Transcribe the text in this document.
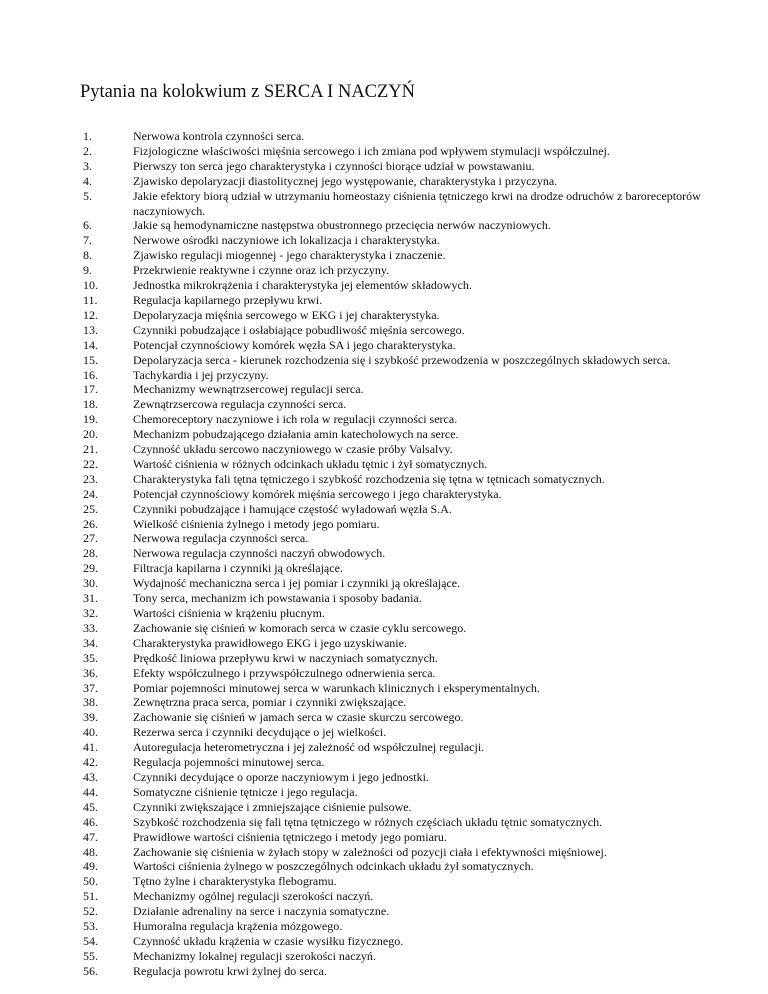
Pytania na kolokwium z SERCA I NACZYŃ
1.	Nerwowa kontrola czynności serca.
2.	Fizjologiczne właściwości mięśnia sercowego i ich zmiana pod wpływem stymulacji współczulnej.
3.	Pierwszy ton serca jego charakterystyka i czynności biorące udział w powstawaniu.
4.	Zjawisko depolaryzacji diastolitycznej jego występowanie, charakterystyka i przyczyna.
5.	Jakie efektory biorą udział w utrzymaniu homeostazy ciśnienia tętniczego krwi na drodze odruchów z baroreceptorów naczyniowych.
6.	Jakie są hemodynamiczne następstwa obustronnego przecięcia nerwów naczyniowych.
7.	Nerwowe ośrodki naczyniowe ich lokalizacja i charakterystyka.
8.	Zjawisko regulacji miogennej - jego charakterystyka i znaczenie.
9.	Przekrwienie reaktywne i czynne oraz ich przyczyny.
10.	Jednostka mikrokrążenia i charakterystyka jej elementów składowych.
11.	Regulacja kapilarnego przepływu krwi.
12.	Depolaryzacja mięśnia sercowego w EKG i jej charakterystyka.
13.	Czynniki pobudzające i osłabiające pobudliwość mięśnia sercowego.
14.	Potencjał czynnościowy komórek węzła SA i jego charakterystyka.
15.	Depolaryzacja serca - kierunek rozchodzenia się i szybkość przewodzenia w poszczególnych składowych serca.
16.	Tachykardia i jej przyczyny.
17.	Mechanizmy wewnątrzsercowej regulacji serca.
18.	Zewnątrzsercowa regulacja czynności serca.
19.	Chemoreceptory naczyniowe i ich rola w regulacji czynności serca.
20.	Mechanizm pobudzającego działania amin katecholowych na serce.
21.	Czynność układu sercowo naczyniowego w czasie próby Valsalvy.
22.	Wartość ciśnienia w różnych odcinkach układu tętnic i żył somatycznych.
23.	Charakterystyka fali tętna tętniczego i szybkość rozchodzenia się tętna w tętnicach somatycznych.
24.	Potencjał czynnościowy komórek mięśnia sercowego i jego charakterystyka.
25.	Czynniki pobudzające i hamujące częstość wyładowań węzła S.A.
26.	Wielkość ciśnienia żylnego i metody jego pomiaru.
27.	Nerwowa regulacja czynności serca.
28.	Nerwowa regulacja czynności naczyń obwodowych.
29.	Filtracja kapilarna i czynniki ją określające.
30.	Wydajność mechaniczna serca i jej pomiar i czynniki ją określające.
31.	Tony serca, mechanizm ich powstawania i sposoby badania.
32.	Wartości ciśnienia w krążeniu płucnym.
33.	Zachowanie się ciśnień w komorach serca w czasie cyklu sercowego.
34.	Charakterystyka prawidłowego EKG i jego uzyskiwanie.
35.	Prędkość liniowa przepływu krwi w naczyniach somatycznych.
36.	Efekty współczulnego i przywspółczulnego odnerwienia serca.
37.	Pomiar pojemności minutowej serca w warunkach klinicznych i eksperymentalnych.
38.	Zewnętrzna praca serca, pomiar i czynniki zwiększające.
39.	Zachowanie się ciśnień w jamach serca w czasie skurczu sercowego.
40.	Rezerwa serca i czynniki decydujące o jej wielkości.
41.	Autoregulacja heterometryczna i jej zależność od współczulnej regulacji.
42.	Regulacja pojemności minutowej serca.
43.	Czynniki decydujące o oporze naczyniowym i jego jednostki.
44.	Somatyczne ciśnienie tętnicze i jego regulacja.
45.	Czynniki zwiększające i zmniejszające ciśnienie pulsowe.
46.	Szybkość rozchodzenia się fali tętna tętniczego w różnych częściach układu tętnic somatycznych.
47.	Prawidłowe wartości ciśnienia tętniczego i metody jego pomiaru.
48.	Zachowanie się ciśnienia w żyłach stopy w zależności od pozycji ciała i efektywności mięśniowej.
49.	Wartości ciśnienia żylnego w poszczególnych odcinkach układu żył somatycznych.
50.	Tętno żylne i charakterystyka flebogramu.
51.	Mechanizmy ogólnej regulacji szerokości naczyń.
52.	Działanie adrenaliny na serce i naczynia somatyczne.
53.	Humoralna regulacja krążenia mózgowego.
54.	Czynność układu krążenia w czasie wysiłku fizycznego.
55.	Mechanizmy lokalnej regulacji szerokości naczyń.
56.	Regulacja powrotu krwi żylnej do serca.
